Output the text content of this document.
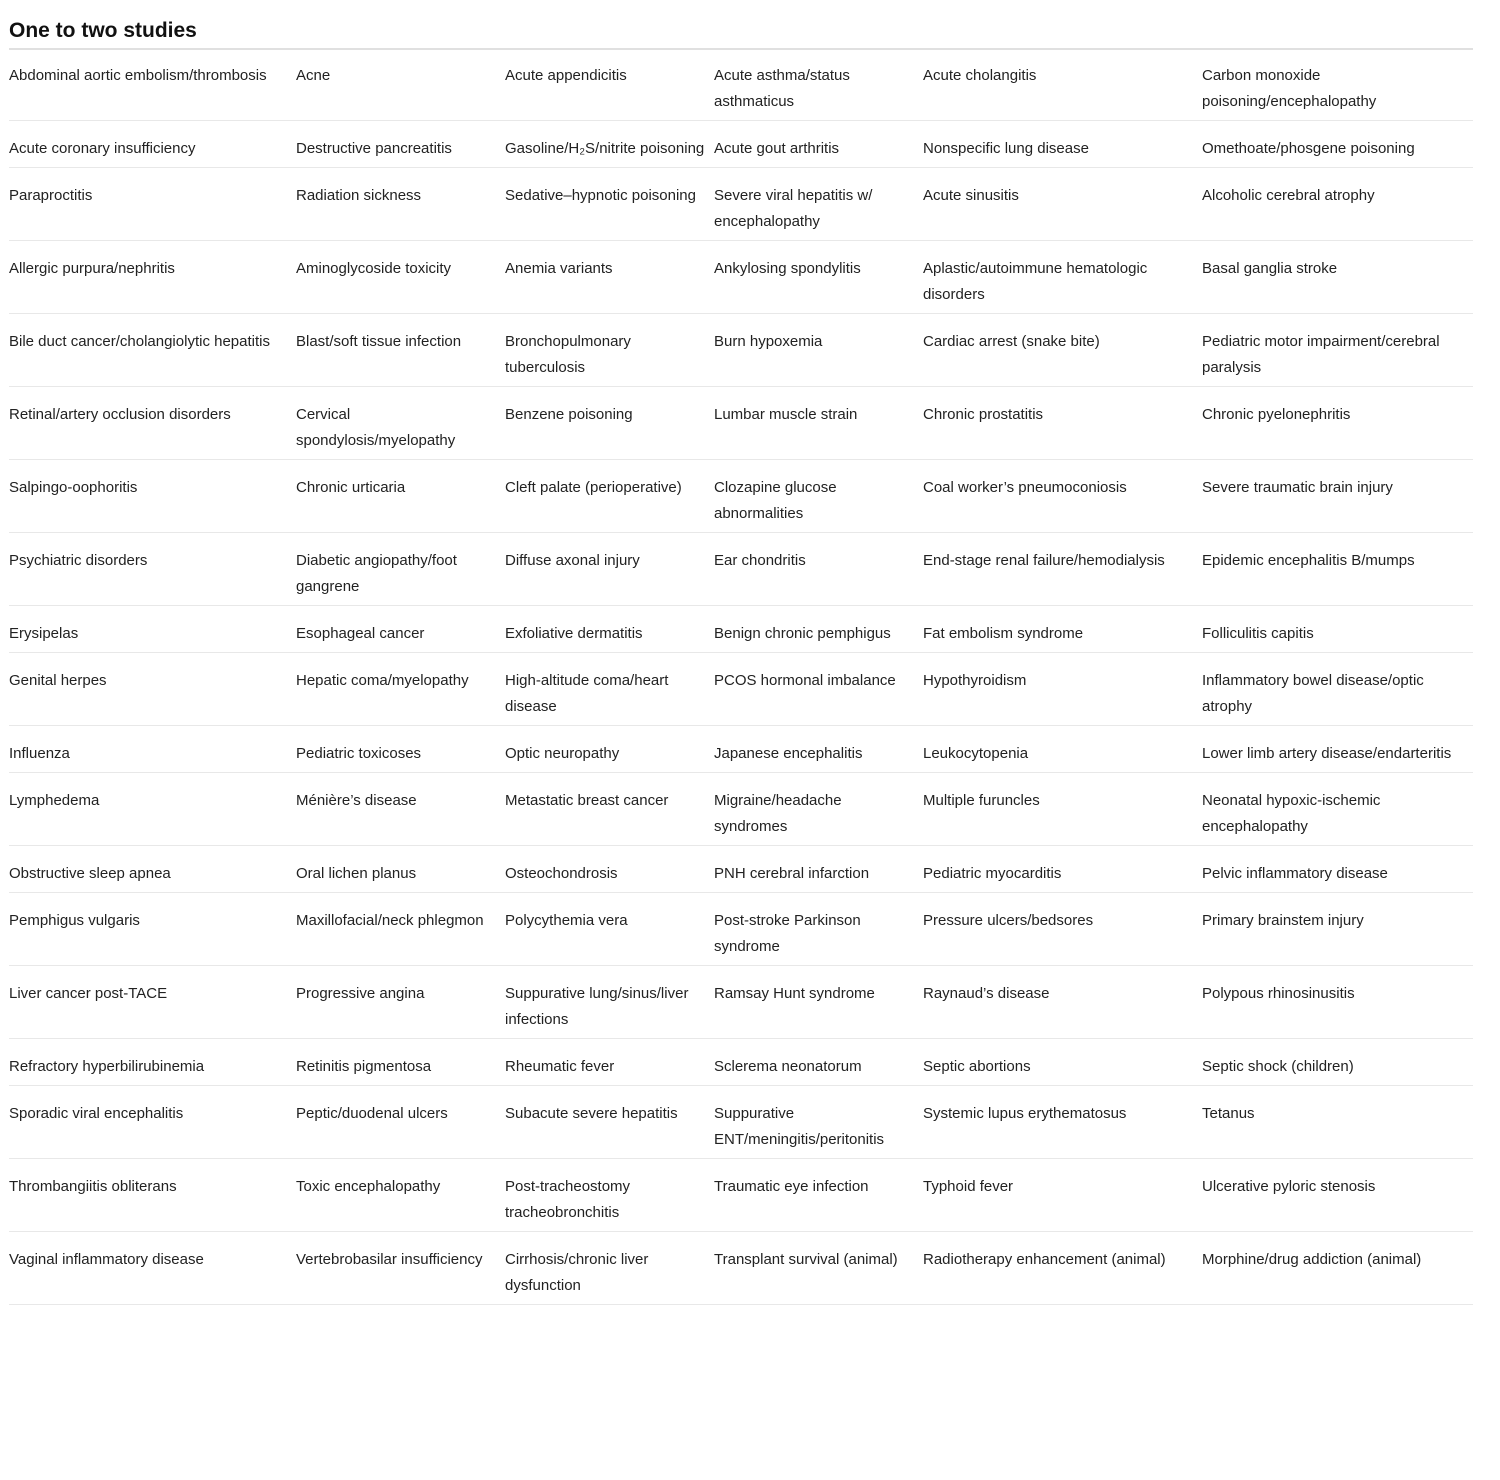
One to two studies
Abdominal aortic embolism/thrombosis	Acne	Acute appendicitis	Acute asthma/status asthmaticus	Acute cholangitis	Carbon monoxide poisoning/encephalopathy
Acute coronary insufficiency	Destructive pancreatitis	Gasoline/H₂S/nitrite poisoning	Acute gout arthritis	Nonspecific lung disease	Omethoate/phosgene poisoning
Paraproctitis	Radiation sickness	Sedative–hypnotic poisoning	Severe viral hepatitis w/ encephalopathy	Acute sinusitis	Alcoholic cerebral atrophy
Allergic purpura/nephritis	Aminoglycoside toxicity	Anemia variants	Ankylosing spondylitis	Aplastic/autoimmune hematologic disorders	Basal ganglia stroke
Bile duct cancer/cholangiolytic hepatitis	Blast/soft tissue infection	Bronchopulmonary tuberculosis	Burn hypoxemia	Cardiac arrest (snake bite)	Pediatric motor impairment/cerebral paralysis
Retinal/artery occlusion disorders	Cervical spondylosis/myelopathy	Benzene poisoning	Lumbar muscle strain	Chronic prostatitis	Chronic pyelonephritis
Salpingo-oophoritis	Chronic urticaria	Cleft palate (perioperative)	Clozapine glucose abnormalities	Coal worker’s pneumoconiosis	Severe traumatic brain injury
Psychiatric disorders	Diabetic angiopathy/foot gangrene	Diffuse axonal injury	Ear chondritis	End-stage renal failure/hemodialysis	Epidemic encephalitis B/mumps
Erysipelas	Esophageal cancer	Exfoliative dermatitis	Benign chronic pemphigus	Fat embolism syndrome	Folliculitis capitis
Genital herpes	Hepatic coma/myelopathy	High-altitude coma/heart disease	PCOS hormonal imbalance	Hypothyroidism	Inflammatory bowel disease/optic atrophy
Influenza	Pediatric toxicoses	Optic neuropathy	Japanese encephalitis	Leukocytopenia	Lower limb artery disease/endarteritis
Lymphedema	Ménière’s disease	Metastatic breast cancer	Migraine/headache syndromes	Multiple furuncles	Neonatal hypoxic-ischemic encephalopathy
Obstructive sleep apnea	Oral lichen planus	Osteochondrosis	PNH cerebral infarction	Pediatric myocarditis	Pelvic inflammatory disease
Pemphigus vulgaris	Maxillofacial/neck phlegmon	Polycythemia vera	Post-stroke Parkinson syndrome	Pressure ulcers/bedsores	Primary brainstem injury
Liver cancer post-TACE	Progressive angina	Suppurative lung/sinus/liver infections	Ramsay Hunt syndrome	Raynaud’s disease	Polypous rhinosinusitis
Refractory hyperbilirubinemia	Retinitis pigmentosa	Rheumatic fever	Sclerema neonatorum	Septic abortions	Septic shock (children)
Sporadic viral encephalitis	Peptic/duodenal ulcers	Subacute severe hepatitis	Suppurative ENT/meningitis/peritonitis	Systemic lupus erythematosus	Tetanus
Thrombangiitis obliterans	Toxic encephalopathy	Post-tracheostomy tracheobronchitis	Traumatic eye infection	Typhoid fever	Ulcerative pyloric stenosis
Vaginal inflammatory disease	Vertebrobasilar insufficiency	Cirrhosis/chronic liver dysfunction	Transplant survival (animal)	Radiotherapy enhancement (animal)	Morphine/drug addiction (animal)
